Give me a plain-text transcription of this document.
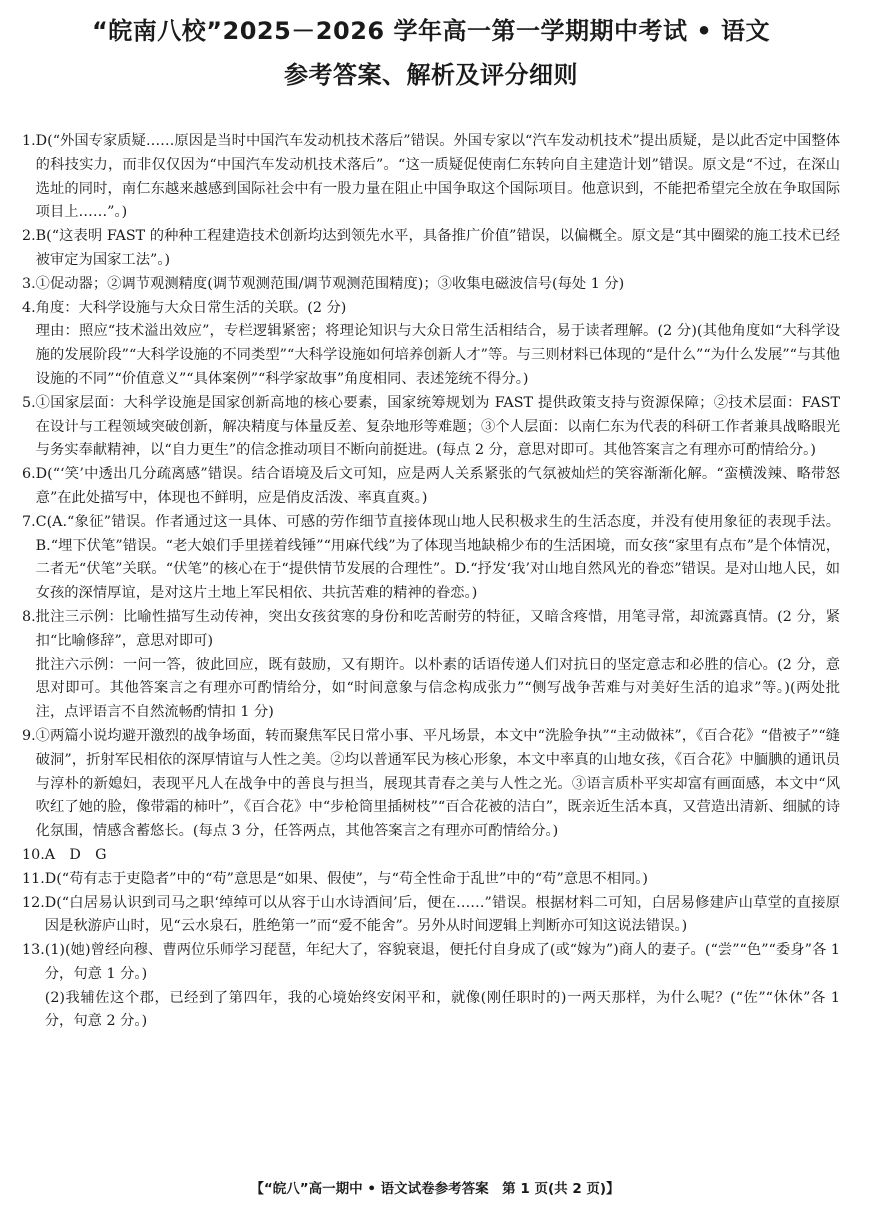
“皖南八校”2025－2026 学年高一第一学期期中考试 • 语文
参考答案、解析及评分细则
1. D(“外国专家质疑……原因是当时中国汽车发动机技术落后”错误。外国专家以“汽车发动机技术”提出质疑，是以此否定中国整体的科技实力，而非仅仅因为“中国汽车发动机技术落后”。“这一质疑促使南仁东转向自主建造计划”错误。原文是“不过，在深山选址的同时，南仁东越来越感到国际社会中有一股力量在阻止中国争取这个国际项目。他意识到，不能把希望完全放在争取国际项目上……”。)

2. B(“这表明 FAST 的种种工程建造技术创新均达到领先水平，具备推广价值”错误，以偏概全。原文是“其中圈梁的施工技术已经被审定为国家工法”。)

3. ①促动器；②调节观测精度(调节观测范围/调节观测范围精度)；③收集电磁波信号(每处 1 分)

4. 角度：大科学设施与大众日常生活的关联。(2 分)

理由：照应“技术溢出效应”，专栏逻辑紧密；将理论知识与大众日常生活相结合，易于读者理解。(2 分)(其他角度如“大科学设施的发展阶段”“大科学设施的不同类型”“大科学设施如何培养创新人才”等。与三则材料已体现的“是什么”“为什么发展”“与其他设施的不同”“价值意义”“具体案例”“科学家故事”角度相同、表述笼统不得分。)

5. ①国家层面：大科学设施是国家创新高地的核心要素，国家统筹规划为 FAST 提供政策支持与资源保障；②技术层面：FAST 在设计与工程领域突破创新，解决精度与体量反差、复杂地形等难题；③个人层面：以南仁东为代表的科研工作者兼具战略眼光与务实奉献精神，以“自力更生”的信念推动项目不断向前挺进。(每点 2 分，意思对即可。其他答案言之有理亦可酌情给分。)

6. D(“‘笑’中透出几分疏离感”错误。结合语境及后文可知，应是两人关系紧张的气氛被灿烂的笑容渐渐化解。“蛮横泼辣、略带怒意”在此处描写中，体现也不鲜明，应是俏皮活泼、率真直爽。)

7. C(A.“象征”错误。作者通过这一具体、可感的劳作细节直接体现山地人民积极求生的生活态度，并没有使用象征的表现手法。B.“埋下伏笔”错误。“老大娘们手里搓着线锤”“用麻代线”为了体现当地缺棉少布的生活困境，而女孩“家里有点布”是个体情况，二者无“伏笔”关联。“伏笔”的核心在于“提供情节发展的合理性”。D.“抒发‘我’对山地自然风光的眷恋”错误。是对山地人民，如女孩的深情厚谊，是对这片土地上军民相依、共抗苦难的精神的眷恋。)

8. 批注三示例：比喻性描写生动传神，突出女孩贫寒的身份和吃苦耐劳的特征，又暗含疼惜，用笔寻常，却流露真情。(2 分，紧扣“比喻修辞”，意思对即可)

批注六示例：一问一答，彼此回应，既有鼓励，又有期许。以朴素的话语传递人们对抗日的坚定意志和必胜的信心。(2 分，意思对即可。其他答案言之有理亦可酌情给分，如“时间意象与信念构成张力”“侧写战争苦难与对美好生活的追求”等。)(两处批注，点评语言不自然流畅酌情扣 1 分)

9. ①两篇小说均避开激烈的战争场面，转而聚焦军民日常小事、平凡场景，本文中“洗脸争执”“主动做袜”，《百合花》“借被子”“缝破洞”，折射军民相依的深厚情谊与人性之美。②均以普通军民为核心形象，本文中率真的山地女孩，《百合花》中腼腆的通讯员与淳朴的新媳妇，表现平凡人在战争中的善良与担当，展现其青春之美与人性之光。③语言质朴平实却富有画面感，本文中“风吹红了她的脸，像带霜的柿叶”，《百合花》中“步枪筒里插树枝”“百合花被的洁白”，既亲近生活本真，又营造出清新、细腻的诗化氛围，情感含蓄悠长。(每点 3 分，任答两点，其他答案言之有理亦可酌情给分。)

10. A　D　G

11. D(“苟有志于吏隐者”中的“苟”意思是“如果、假使”，与“苟全性命于乱世”中的“苟”意思不相同。)

12. D(“白居易认识到司马之职‘绰绰可以从容于山水诗酒间’后，便在……”错误。根据材料二可知，白居易修建庐山草堂的直接原因是秋游庐山时，见“云水泉石，胜绝第一”而“爱不能舍”。另外从时间逻辑上判断亦可知这说法错误。)

13. (1)(她)曾经向穆、曹两位乐师学习琵琶，年纪大了，容貌衰退，便托付自身成了(或“嫁为”)商人的妻子。(“尝”“色”“委身”各 1 分，句意 1 分。)

(2)我辅佐这个郡，已经到了第四年，我的心境始终安闲平和，就像(刚任职时的)一两天那样，为什么呢？(“佐”“休休”各 1 分，句意 2 分。)

【“皖八”高一期中 • 语文试卷参考答案　第 1 页(共 2 页)】
